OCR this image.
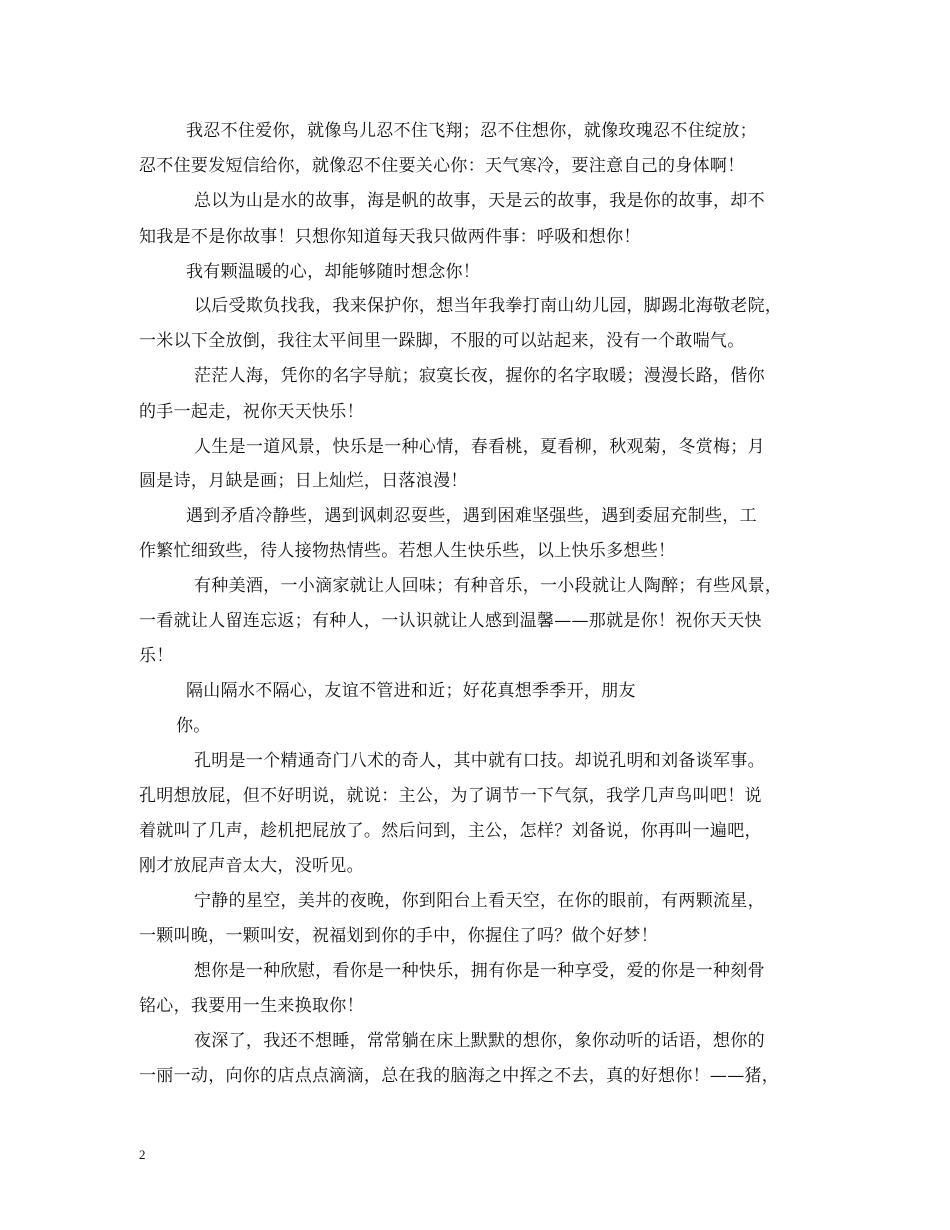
我忍不住爱你，就像鸟儿忍不住飞翔；忍不住想你，就像玫瑰忍不住绽放；
忍不住要发短信给你，就像忍不住要关心你：天气寒冷，要注意自己的身体啊！
总以为山是水的故事，海是帆的故事，天是云的故事，我是你的故事，却不
知我是不是你故事！只想你知道每天我只做两件事：呼吸和想你！
我有颗温暖的心，却能够随时想念你！
以后受欺负找我，我来保护你，想当年我拳打南山幼儿园，脚踢北海敬老院，
一米以下全放倒，我往太平间里一跺脚，不服的可以站起来，没有一个敢喘气。
茫茫人海，凭你的名字导航；寂寞长夜，握你的名字取暖；漫漫长路，偕你
的手一起走，祝你天天快乐！
人生是一道风景，快乐是一种心情，春看桃，夏看柳，秋观菊，冬赏梅；月
圆是诗，月缺是画；日上灿烂，日落浪漫！
遇到矛盾冷静些，遇到讽刺忍耍些，遇到困难坚强些，遇到委屈充制些，工
作繁忙细致些，待人接物热情些。若想人生快乐些，以上快乐多想些！
有种美酒，一小滴家就让人回味；有种音乐，一小段就让人陶醉；有些风景，
一看就让人留连忘返；有种人，一认识就让人感到温馨——那就是你！祝你天天快
乐！
隔山隔水不隔心，友谊不管进和近；好花真想季季开，朋友
你。
孔明是一个精通奇门八术的奇人，其中就有口技。却说孔明和刘备谈军事。
孔明想放屁，但不好明说，就说：主公，为了调节一下气氛，我学几声鸟叫吧！说
着就叫了几声，趁机把屁放了。然后问到，主公，怎样？刘备说，你再叫一遍吧，
刚才放屁声音太大，没听见。
宁静的星空，美丼的夜晚，你到阳台上看天空，在你的眼前，有两颗流星，
一颗叫晚，一颗叫安，祝福划到你的手中，你握住了吗？做个好梦！
想你是一种欣慰，看你是一种快乐，拥有你是一种享受，爱的你是一种刻骨
铭心，我要用一生来换取你！
夜深了，我还不想睡，常常躺在床上默默的想你，象你动听的话语，想你的
一丽一动，向你的店点点滴滴，总在我的脑海之中挥之不去，真的好想你！——猪，
2
